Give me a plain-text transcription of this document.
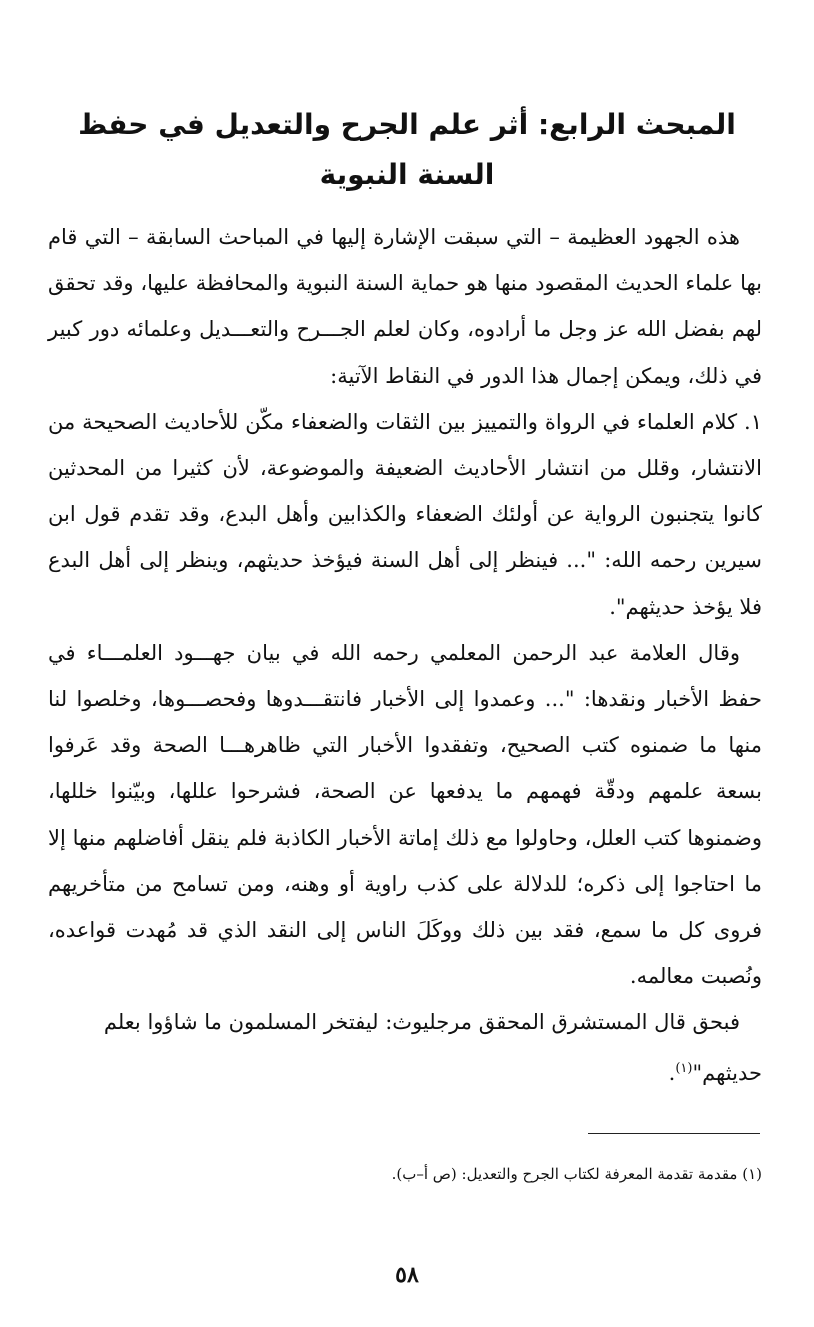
المبحث الرابع: أثر علم الجرح والتعديل في حفظ السنة النبوية

هذه الجهود العظيمة – التي سبقت الإشارة إليها في المباحث السابقة – التي قام بها علماء الحديث المقصود منها هو حماية السنة النبوية والمحافظة عليها، وقد تحقق لهم بفضل الله عز وجل ما أرادوه، وكان لعلم الجـــرح والتعـــديل وعلمائه دور كبير في ذلك، ويمكن إجمال هذا الدور في النقاط الآتية:

١. كلام العلماء في الرواة والتمييز بين الثقات والضعفاء مكّن للأحاديث الصحيحة من الانتشار، وقلل من انتشار الأحاديث الضعيفة والموضوعة، لأن كثيرا من المحدثين كانوا يتجنبون الرواية عن أولئك الضعفاء والكذابين وأهل البدع، وقد تقدم قول ابن سيرين رحمه الله: "... فينظر إلى أهل السنة فيؤخذ حديثهم، وينظر إلى أهل البدع فلا يؤخذ حديثهم".

وقال العلامة عبد الرحمن المعلمي رحمه الله في بيان جهـــود العلمـــاء في حفظ الأخبار ونقدها: "... وعمدوا إلى الأخبار فانتقـــدوها وفحصـــوها، وخلصوا لنا منها ما ضمنوه كتب الصحيح، وتفقدوا الأخبار التي ظاهرهـــا الصحة وقد عَرفوا بسعة علمهم ودقّة فهمهم ما يدفعها عن الصحة، فشرحوا عللها، وبيّنوا خللها، وضمنوها كتب العلل، وحاولوا مع ذلك إماتة الأخبار الكاذبة فلم ينقل أفاضلهم منها إلا ما احتاجوا إلى ذكره؛ للدلالة على كذب راوية أو وهنه، ومن تسامح من متأخريهم فروى كل ما سمع، فقد بين ذلك ووكَلَ الناس إلى النقد الذي قد مُهدت قواعده، ونُصبت معالمه.

فبحق قال المستشرق المحقق مرجليوث: ليفتخر المسلمون ما شاؤوا بعلم حديثهم"$^{(١)}$.

(١) مقدمة تقدمة المعرفة لكتاب الجرح والتعديل: (ص أ–ب).
٥٨
